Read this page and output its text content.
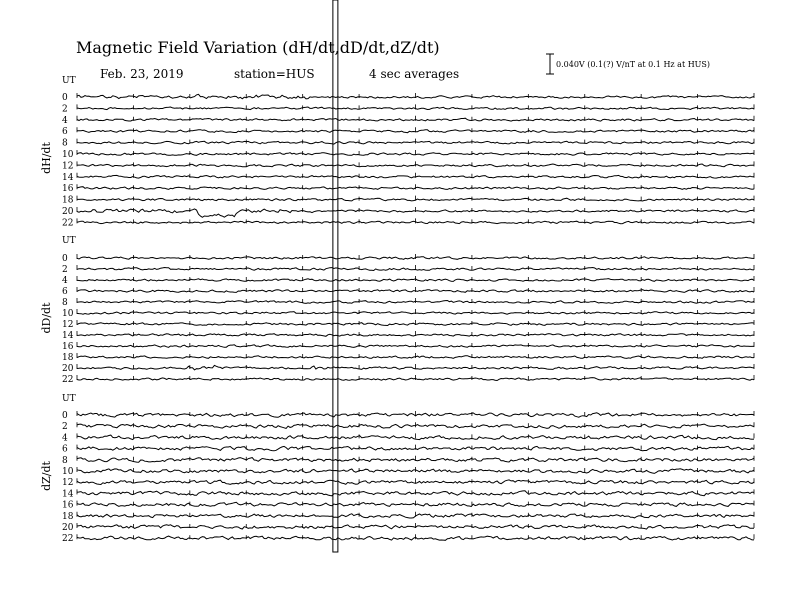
Magnetic Field Variation (dH/dt,dD/dt,dZ/dt)
Feb. 23, 2019	station=HUS	4 sec averages
0.040V (0.1(?) V/nT at 0.1 Hz at HUS)
UT
dH/dt
0
2
4
6
8
10
12
14
16
18
20
22
UT
dD/dt
0
2
4
6
8
10
12
14
16
18
20
22
UT
dZ/dt
0
2
4
6
8
10
12
14
16
18
20
22
